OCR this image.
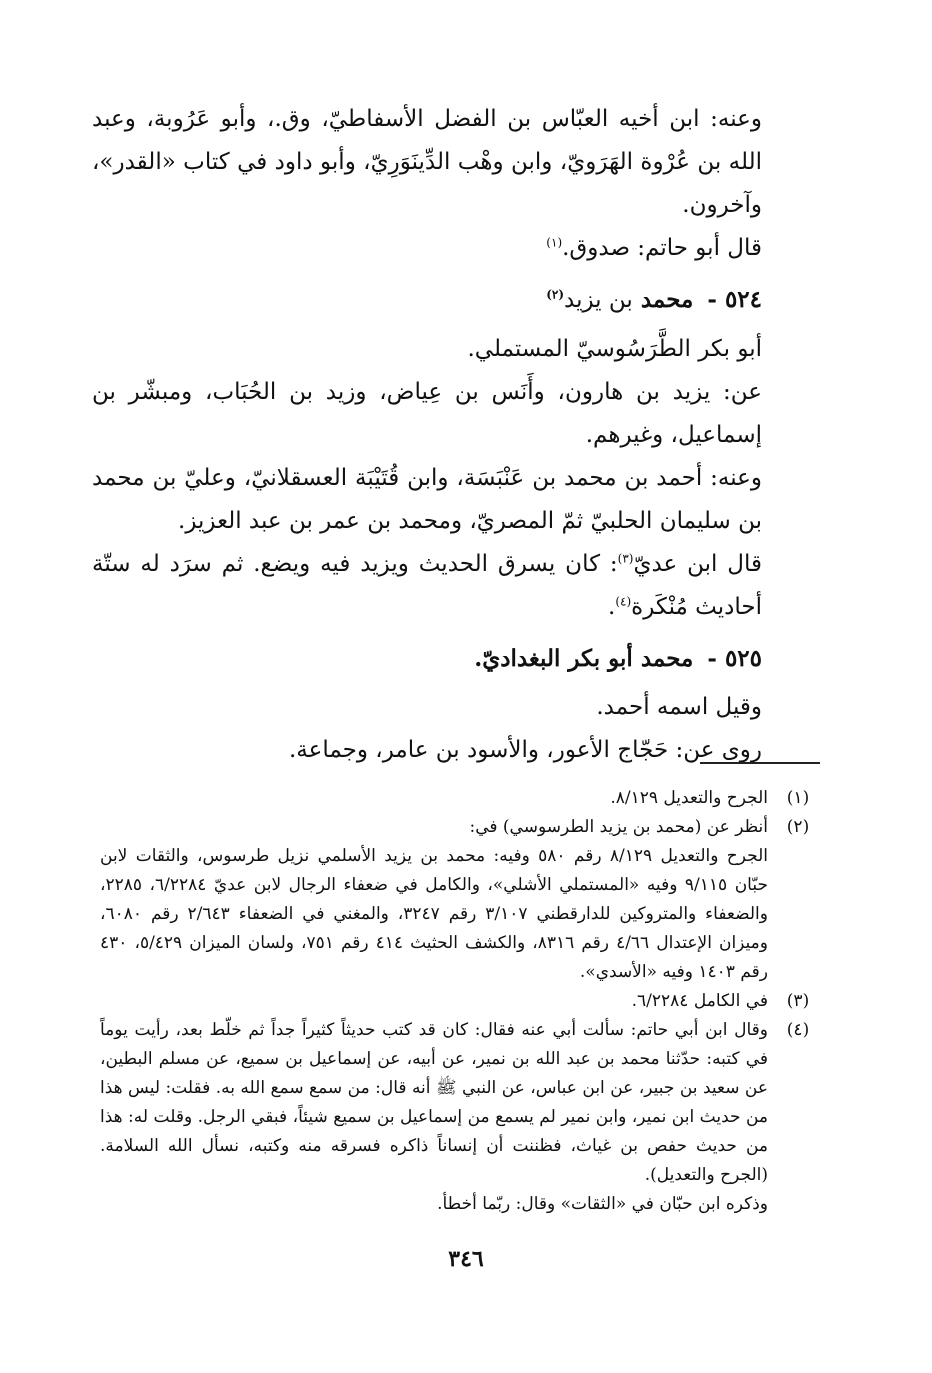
وعنه: ابن أخيه العبّاس بن الفضل الأسفاطيّ، وق.، وأبو عَرُوبة، وعبد الله بن عُرْوة الهَرَويّ، وابن وهْب الدِّينَوَرِيّ، وأبو داود في كتاب «القدر»، وآخرون.

قال أبو حاتم: صدوق.$^{(١)}$

٥٢٤ -محمد بن يزيد$^{(٢)}$

أبو بكر الطَّرَسُوسيّ المستملي.

عن: يزيد بن هارون، وأَنَس بن عِياض، وزيد بن الحُبَاب، ومبشّر بن إسماعيل، وغيرهم.

وعنه: أحمد بن محمد بن عَنْبَسَة، وابن قُتَيْبَة العسقلانيّ، وعليّ بن محمد بن سليمان الحلبيّ ثمّ المصريّ، ومحمد بن عمر بن عبد العزيز.

قال ابن عديّ$^{(٣)}$: كان يسرق الحديث ويزيد فيه ويضع. ثم سرَد له ستّة أحاديث مُنْكَرة$^{(٤)}$.

٥٢٥ -محمد أبو بكر البغداديّ.

وقيل اسمه أحمد.

روى عن: حَجّاج الأعور، والأسود بن عامر، وجماعة.

(١)

الجرح والتعديل ٨/١٢٩.

(٢)

أنظر عن (محمد بن يزيد الطرسوسي) في:

الجرح والتعديل ٨/١٢٩ رقم ٥٨٠ وفيه: محمد بن يزيد الأسلمي نزيل طرسوس، والثقات لابن حبّان ٩/١١٥ وفيه «المستملي الأشلي»، والكامل في ضعفاء الرجال لابن عديّ ٦/٢٢٨٤، ٢٢٨٥، والضعفاء والمتروكين للدارقطني ٣/١٠٧ رقم ٣٢٤٧، والمغني في الضعفاء ٢/٦٤٣ رقم ٦٠٨٠، وميزان الإعتدال ٤/٦٦ رقم ٨٣١٦، والكشف الحثيث ٤١٤ رقم ٧٥١، ولسان الميزان ٥/٤٢٩، ٤٣٠ رقم ١٤٠٣ وفيه «الأسدي».

(٣)

في الكامل ٦/٢٢٨٤.

(٤)

وقال ابن أبي حاتم: سألت أبي عنه فقال: كان قد كتب حديثاً كثيراً جداً ثم خلّط بعد، رأيت يوماً في كتبه: حدّثنا محمد بن عبد الله بن نمير، عن أبيه، عن إسماعيل بن سميع، عن مسلم البطين، عن سعيد بن جبير، عن ابن عباس، عن النبي ﷺ أنه قال: من سمع سمع الله به. فقلت: ليس هذا من حديث ابن نمير، وابن نمير لم يسمع من إسماعيل بن سميع شيئاً، فبقي الرجل. وقلت له: هذا من حديث حفص بن غياث، فظننت أن إنساناً ذاكره فسرقه منه وكتبه، نسأل الله السلامة. (الجرح والتعديل).

وذكره ابن حبّان في «الثقات» وقال: ربّما أخطأ.

٣٤٦
